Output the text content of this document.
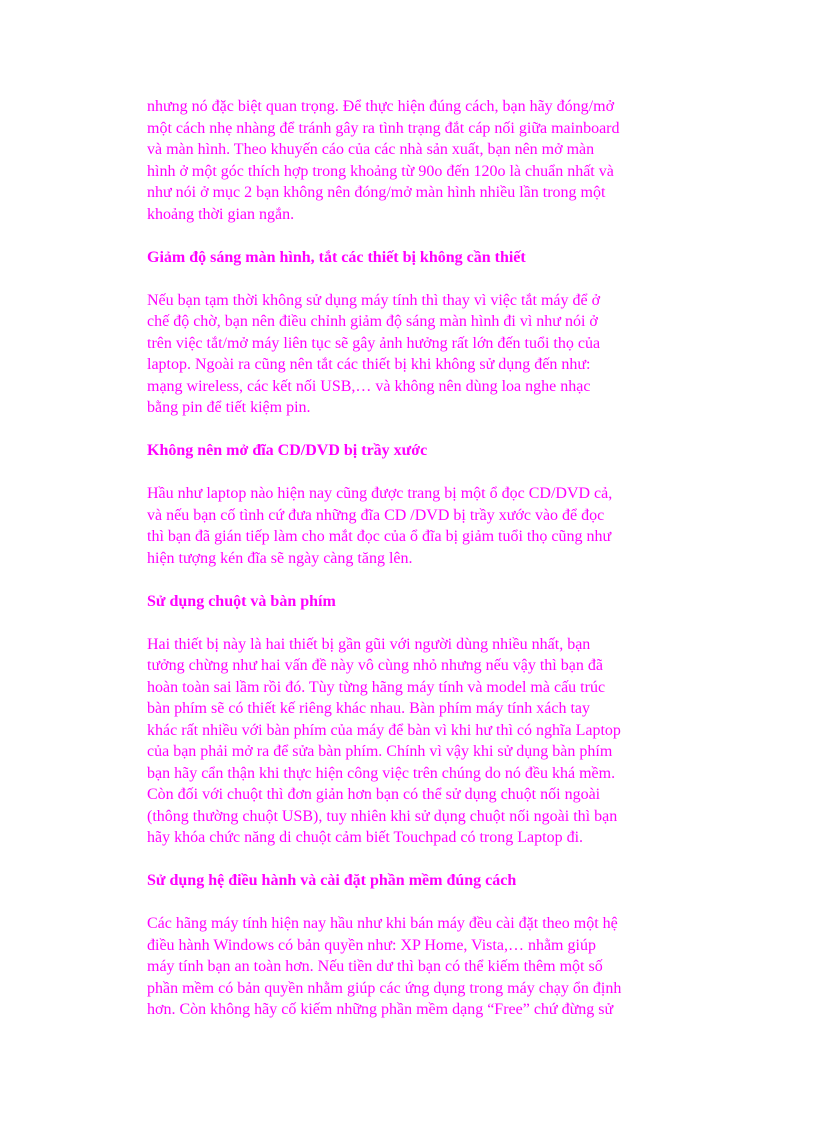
nhưng nó đặc biệt quan trọng. Để thực hiện đúng cách, bạn hãy đóng/mở
một cách nhẹ nhàng để tránh gây ra tình trạng đắt cáp nối giữa mainboard
và màn hình. Theo khuyến cáo của các nhà sản xuất, bạn nên mở màn
hình ở một góc thích hợp trong khoảng từ 90o đến 120o là chuẩn nhất và
như nói ở mục 2 bạn không nên đóng/mở màn hình nhiều lần trong một
khoảng thời gian ngắn.

Giảm độ sáng màn hình, tắt các thiết bị không cần thiết

Nếu bạn tạm thời không sử dụng máy tính thì thay vì việc tắt máy để ở
chế độ chờ, bạn nên điều chỉnh giảm độ sáng màn hình đi vì như nói ở
trên việc tắt/mở máy liên tục sẽ gây ảnh hưởng rất lớn đến tuổi thọ của
laptop. Ngoài ra cũng nên tắt các thiết bị khi không sử dụng đến như:
mạng wireless, các kết nối USB,… và không nên dùng loa nghe nhạc
bằng pin để tiết kiệm pin.

Không nên mở đĩa CD/DVD bị trầy xước

Hầu như laptop nào hiện nay cũng được trang bị một ổ đọc CD/DVD cả,
và nếu bạn cố tình cứ đưa những đĩa CD /DVD bị trầy xước vào để đọc
thì bạn đã gián tiếp làm cho mắt đọc của ổ đĩa bị giảm tuổi thọ cũng như
hiện tượng kén đĩa sẽ ngày càng tăng lên.

Sử dụng chuột và bàn phím

Hai thiết bị này là hai thiết bị gần gũi với người dùng nhiều nhất, bạn
tưởng chừng như hai vấn đề này vô cùng nhỏ nhưng nếu vậy thì bạn đã
hoàn toàn sai lầm rồi đó. Tùy từng hãng máy tính và model mà cấu trúc
bàn phím sẽ có thiết kế riêng khác nhau. Bàn phím máy tính xách tay
khác rất nhiều với bàn phím của máy để bàn vì khi hư thì có nghĩa Laptop
của bạn phải mở ra để sửa bàn phím. Chính vì vậy khi sử dụng bàn phím
bạn hãy cẩn thận khi thực hiện công việc trên chúng do nó đều khá mềm.
Còn đối với chuột thì đơn giản hơn bạn có thể sử dụng chuột nối ngoài
(thông thường chuột USB), tuy nhiên khi sử dụng chuột nối ngoài thì bạn
hãy khóa chức năng di chuột cảm biết Touchpad có trong Laptop đi.

Sử dụng hệ điều hành và cài đặt phần mềm đúng cách

Các hãng máy tính hiện nay hầu như khi bán máy đều cài đặt theo một hệ
điều hành Windows có bản quyền như: XP Home, Vista,… nhằm giúp
máy tính bạn an toàn hơn. Nếu tiền dư thì bạn có thể kiếm thêm một số
phần mềm có bản quyền nhằm giúp các ứng dụng trong máy chạy ổn định
hơn. Còn không hãy cố kiếm những phần mềm dạng “Free” chứ đừng sử
